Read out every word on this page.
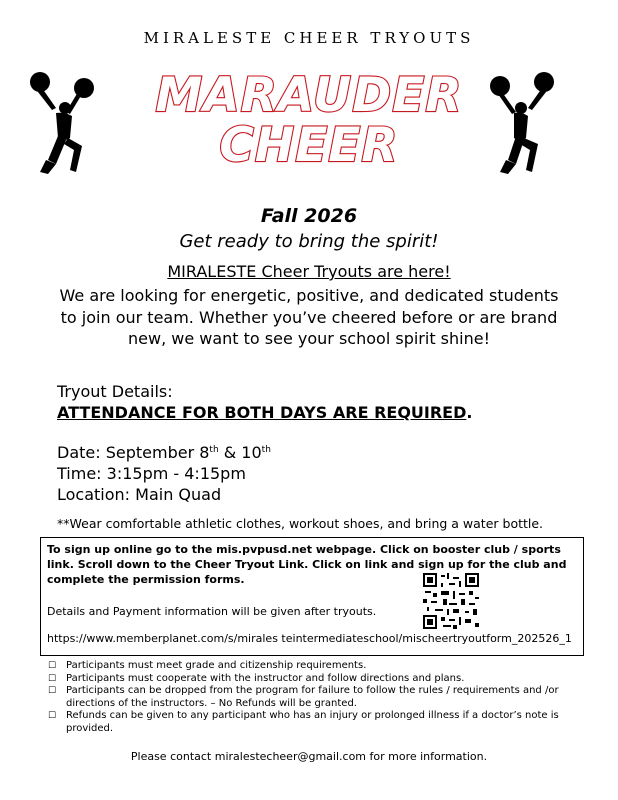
MIRALESTE CHEER TRYOUTS
MARAUDER
CHEER
Fall 2026
Get ready to bring the spirit!
MIRALESTE Cheer Tryouts are here!
We are looking for energetic, positive, and dedicated students to join our team. Whether you’ve cheered before or are brand new, we want to see your school spirit shine!
Tryout Details:
ATTENDANCE FOR BOTH DAYS ARE REQUIRED.
Date: September 8th & 10th
Time: 3:15pm - 4:15pm
Location: Main Quad
**Wear comfortable athletic clothes, workout shoes, and bring a water bottle.
To sign up online go to the mis.pvpusd.net webpage. Click on booster club / sports link. Scroll down to the Cheer Tryout Link. Click on link and sign up for the club and complete the permission forms.
Details and Payment information will be given after tryouts.
https://www.memberplanet.com/s/mirales teintermediateschool/mischeertryoutform_202526_1
☐ Participants must meet grade and citizenship requirements.
☐ Participants must cooperate with the instructor and follow directions and plans.
☐ Participants can be dropped from the program for failure to follow the rules / requirements and /or directions of the instructors. – No Refunds will be granted.
☐ Refunds can be given to any participant who has an injury or prolonged illness if a doctor’s note is provided.
Please contact miralestecheer@gmail.com for more information.
